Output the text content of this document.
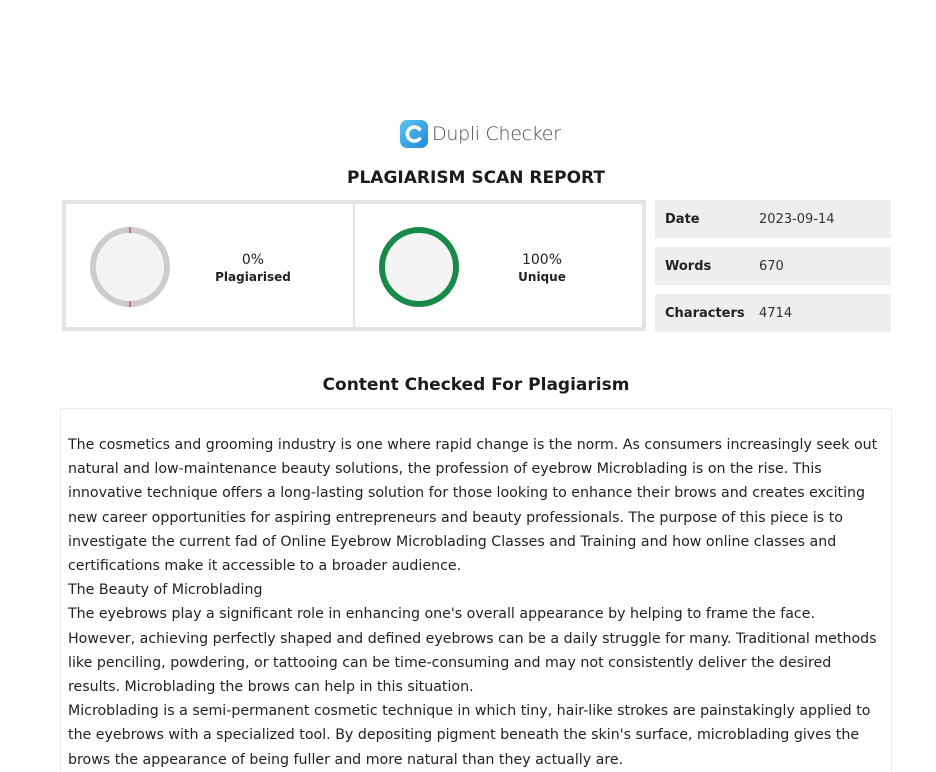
Dupli Checker
PLAGIARISM SCAN REPORT
0%
Plagiarised
100%
Unique
Date	2023-09-14
Words	670
Characters	4714
Content Checked For Plagiarism

The cosmetics and grooming industry is one where rapid change is the norm. As consumers increasingly seek out natural and low-maintenance beauty solutions, the profession of eyebrow Microblading is on the rise. This innovative technique offers a long-lasting solution for those looking to enhance their brows and creates exciting new career opportunities for aspiring entrepreneurs and beauty professionals. The purpose of this piece is to investigate the current fad of Online Eyebrow Microblading Classes and Training and how online classes and certifications make it accessible to a broader audience.

The Beauty of Microblading

The eyebrows play a significant role in enhancing one's overall appearance by helping to frame the face. However, achieving perfectly shaped and defined eyebrows can be a daily struggle for many. Traditional methods like penciling, powdering, or tattooing can be time-consuming and may not consistently deliver the desired results. Microblading the brows can help in this situation.

Microblading is a semi-permanent cosmetic technique in which tiny, hair-like strokes are painstakingly applied to the eyebrows with a specialized tool. By depositing pigment beneath the skin's surface, microblading gives the brows the appearance of being fuller and more natural than they actually are.
